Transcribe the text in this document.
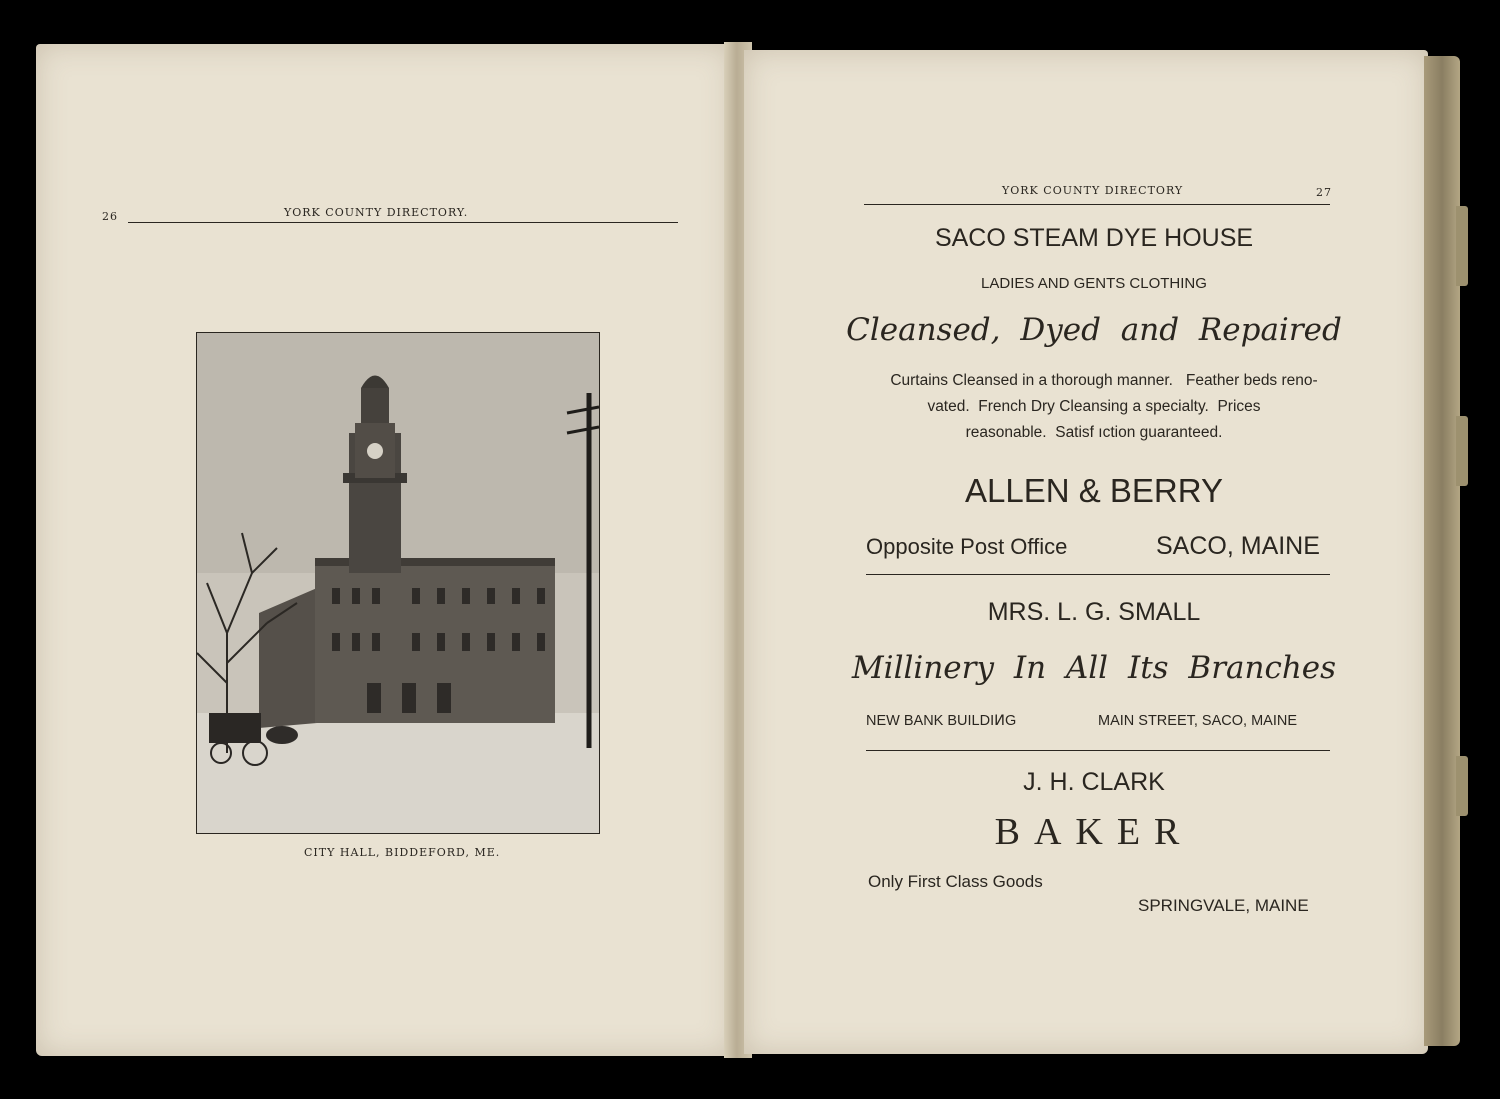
26	YORK COUNTY DIRECTORY.
CITY HALL, BIDDEFORD, ME.
YORK COUNTY DIRECTORY	27
SACO STEAM DYE HOUSE
LADIES AND GENTS CLOTHING
Cleansed, Dyed and Repaired
Curtains Cleansed in a thorough manner.   Feather beds reno-
vated.  French Dry Cleansing a specialty.  Prices
reasonable.  Satisf ıction guaranteed.
ALLEN & BERRY
Opposite Post Office	SACO, MAINE
MRS. L. G. SMALL
Millinery In All Its Branches
NEW BANK BUILDIͶG	MAIN STREET, SACO, MAINE
J. H. CLARK
BAKER
Only First Class Goods
SPRINGVALE, MAINE
